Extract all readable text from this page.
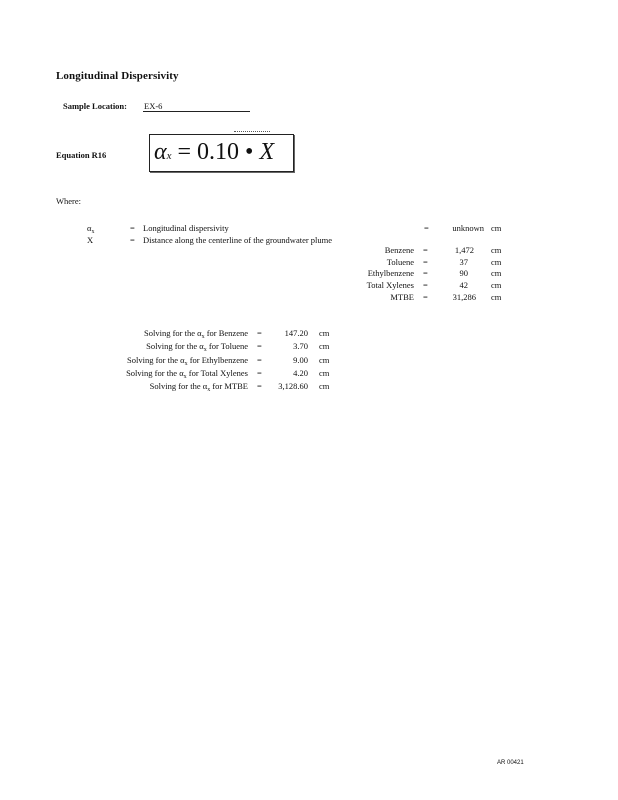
Longitudinal Dispersivity
Sample Location: EX-6
Equation R16 αx = 0.10 • X
Where:
$\alpha_x$	= Longitudinal dispersivity	=	unknown cm
X	= Distance along the centerline of the groundwater plume
Benzene =	1,472 cm
Toluene =	37	cm
Ethylbenzene =	90	cm
Total Xylenes =	42	cm
MTBE =	31,286 cm
Solving for the $\alpha_x$ for Benzene =	147.20 cm
Solving for the $\alpha_x$ for Toluene =	3.70 cm
Solving for the $\alpha_x$ for Ethylbenzene =	9.00 cm
Solving for the $\alpha_x$ for Total Xylenes =	4.20 cm
Solving for the $\alpha_x$ for MTBE =	3,128.60 cm
AR 00421
